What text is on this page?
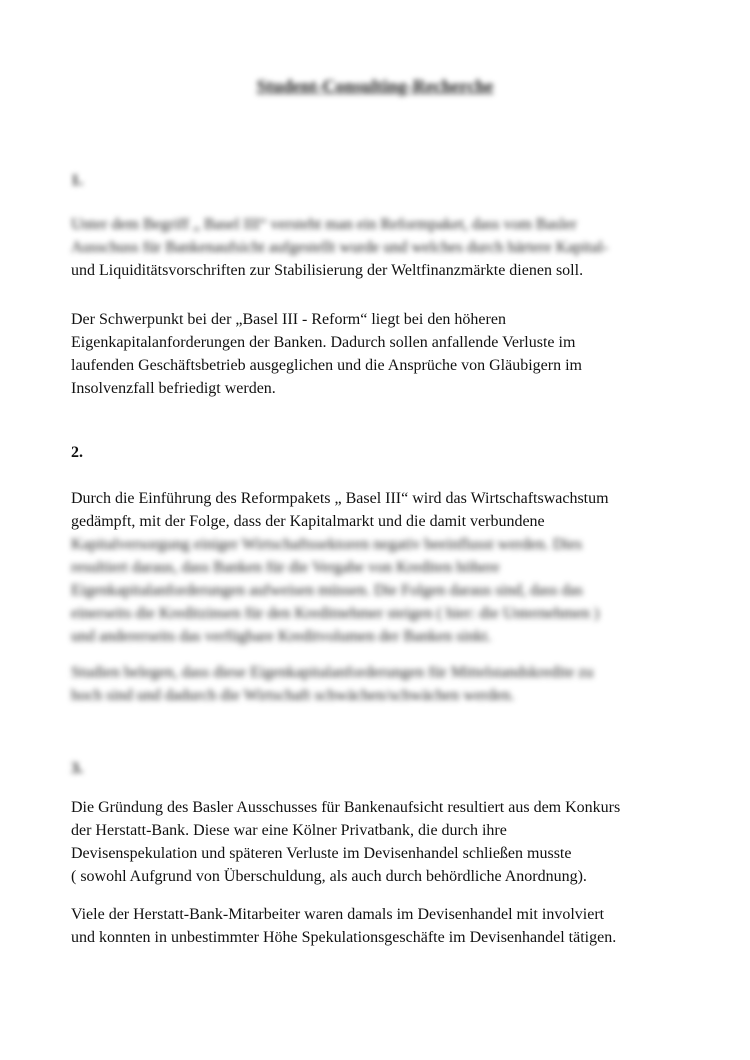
Student-Consulting-Recherche
1.
Unter dem Begriff „ Basel III“ versteht man ein Reformpaket, dass vom Basler
Ausschuss für Bankenaufsicht aufgestellt wurde und welches durch härtere Kapital-
und Liquiditätsvorschriften zur Stabilisierung der Weltfinanzmärkte dienen soll.
Der Schwerpunkt bei der „Basel III - Reform“ liegt bei den höheren
Eigenkapitalanforderungen der Banken. Dadurch sollen anfallende Verluste im
laufenden Geschäftsbetrieb ausgeglichen und die Ansprüche von Gläubigern im
Insolvenzfall befriedigt werden.
2.
Durch die Einführung des Reformpakets „ Basel III“ wird das Wirtschaftswachstum
gedämpft, mit der Folge, dass der Kapitalmarkt und die damit verbundene
Kapitalversorgung einiger Wirtschaftssektoren negativ beeinflusst werden. Dies
resultiert daraus, dass Banken für die Vergabe von Krediten höhere
Eigenkapitalanforderungen aufweisen müssen. Die Folgen daraus sind, dass das
einerseits die Kreditzinsen für den Kreditnehmer steigen ( hier: die Unternehmen )
und andererseits das verfügbare Kreditvolumen der Banken sinkt.
Studien belegen, dass diese Eigenkapitalanforderungen für Mittelstandskredite zu
hoch sind und dadurch die Wirtschaft schwächen/schwächen werden.
3.
Die Gründung des Basler Ausschusses für Bankenaufsicht resultiert aus dem Konkurs
der Herstatt-Bank. Diese war eine Kölner Privatbank, die durch ihre
Devisenspekulation und späteren Verluste im Devisenhandel schließen musste
( sowohl Aufgrund von Überschuldung, als auch durch behördliche Anordnung).
Viele der Herstatt-Bank-Mitarbeiter waren damals im Devisenhandel mit involviert
und konnten in unbestimmter Höhe Spekulationsgeschäfte im Devisenhandel tätigen.
